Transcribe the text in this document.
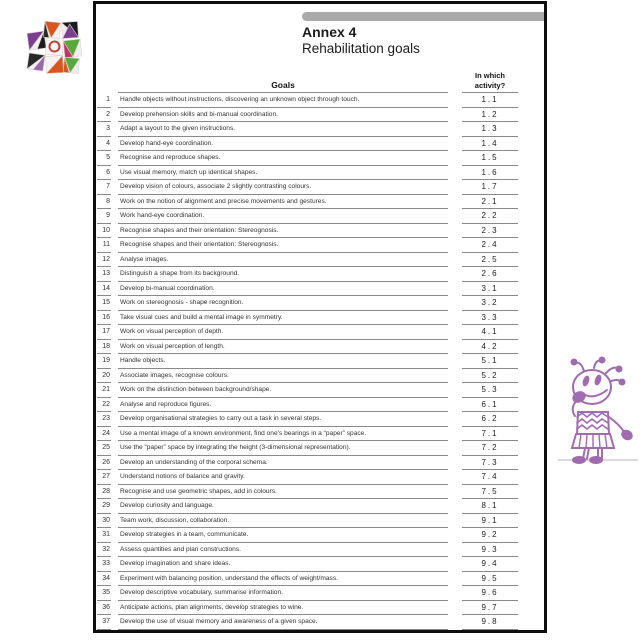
Annex 4
Rehabilitation goals
Goals
In which activity?
1	Handle objects without instructions, discovering an unknown object through touch.	1.1
2	Develop prehension skills and bi-manual coordination.	1.2
3	Adapt a layout to the given instructions.	1.3
4	Develop hand-eye coordination.	1.4
5	Recognise and reproduce shapes.	1.5
6	Use visual memory, match up identical shapes.	1.6
7	Develop vision of colours, associate 2 slightly contrasting colours.	1.7
8	Work on the notion of alignment and precise movements and gestures.	2.1
9	Work hand-eye coordination.	2.2
10	Recognise shapes and their orientation: Stereognosis.	2.3
11	Recognise shapes and their orientation: Stereognosis.	2.4
12	Analyse images.	2.5
13	Distinguish a shape from its background.	2.6
14	Develop bi-manual coordination.	3.1
15	Work on stereognosis - shape recognition.	3.2
16	Take visual cues and build a mental image in symmetry.	3.3
17	Work on visual perception of depth.	4.1
18	Work on visual perception of length.	4.2
19	Handle objects.	5.1
20	Associate images, recognise colours.	5.2
21	Work on the distinction between background/shape.	5.3
22	Analyse and reproduce figures.	6.1
23	Develop organisational strategies to carry out a task in several steps.	6.2
24	Use a mental image of a known environment, find one’s bearings in a “paper” space.	7.1
25	Use the “paper” space by integrating the height (3-dimensional representation).	7.2
26	Develop an understanding of the corporal schema.	7.3
27	Understand notions of balance and gravity.	7.4
28	Recognise and use geometric shapes, add in colours.	7.5
29	Develop curiosity and language.	8.1
30	Team work, discussion, collaboration.	9.1
31	Develop strategies in a team, communicate.	9.2
32	Assess quantities and plan constructions.	9.3
33	Develop imagination and share ideas.	9.4
34	Experiment with balancing position, understand the effects of weight/mass.	9.5
35	Develop descriptive vocabulary, summarise information.	9.6
36	Anticipate actions, plan alignments, develop strategies to wine.	9.7
37	Develop the use of visual memory and awareness of a given space.	9.8
